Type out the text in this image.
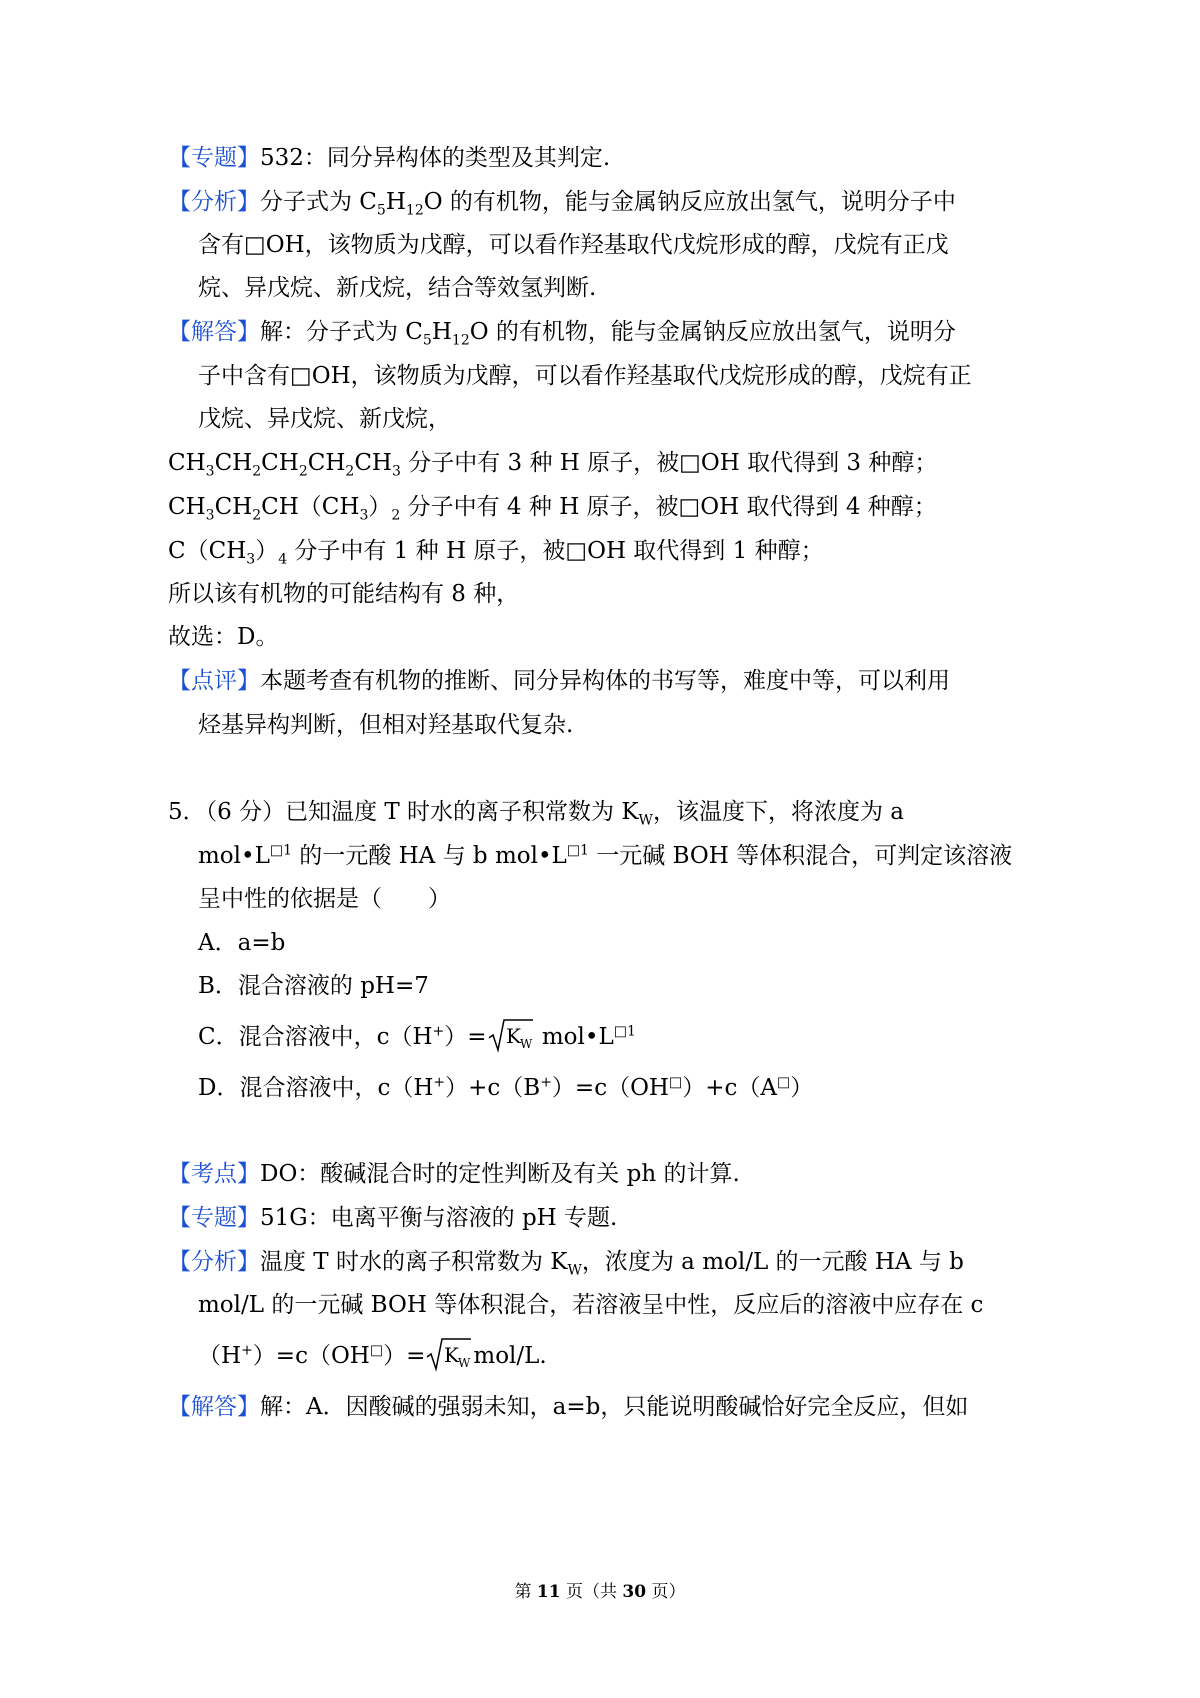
【专题】532：同分异构体的类型及其判定.
【分析】分子式为 $C_5H_{12}O$ 的有机物，能与金属钠反应放出氢气，说明分子中
含有□OH，该物质为戊醇，可以看作羟基取代戊烷形成的醇，戊烷有正戊
烷、异戊烷、新戊烷，结合等效氢判断.
【解答】解：分子式为 $C_5H_{12}O$ 的有机物，能与金属钠反应放出氢气，说明分
子中含有□OH，该物质为戊醇，可以看作羟基取代戊烷形成的醇，戊烷有正
戊烷、异戊烷、新戊烷，
$CH_3CH_2CH_2CH_2CH_3$ 分子中有 3 种 H 原子，被□OH 取代得到 3 种醇；
$CH_3CH_2CH(CH_3)_2$ 分子中有 4 种 H 原子，被□OH 取代得到 4 种醇；
$C(CH_3)_4$ 分子中有 1 种 H 原子，被□OH 取代得到 1 种醇；
所以该有机物的可能结构有 8 种，
故选：D。
【点评】本题考查有机物的推断、同分异构体的书写等，难度中等，可以利用
烃基异构判断，但相对羟基取代复杂.
5．（6 分）已知温度 T 时水的离子积常数为 $K_W$，该温度下，将浓度为 a
$mol•L^{□1}$ 的一元酸 HA 与 b $mol•L^{□1}$ 一元碱 BOH 等体积混合，可判定该溶液
呈中性的依据是（　　）
A．a=b
B．混合溶液的 pH=7
C．混合溶液中，c（H+）= K W $mol•L^{□1}$
D．混合溶液中，c（H+）+c（B+）=c（OH□）+c（A□）
【考点】DO：酸碱混合时的定性判断及有关 ph 的计算.
【专题】51G：电离平衡与溶液的 pH 专题.
【分析】温度 T 时水的离子积常数为 $K_W$，浓度为 a mol/L 的一元酸 HA 与 b
mol/L 的一元碱 BOH 等体积混合，若溶液呈中性，反应后的溶液中应存在 c
（H+）=c（OH□）= K W mol/L.
【解答】解：A．因酸碱的强弱未知，a=b，只能说明酸碱恰好完全反应，但如
第 11 页（共 30 页）
